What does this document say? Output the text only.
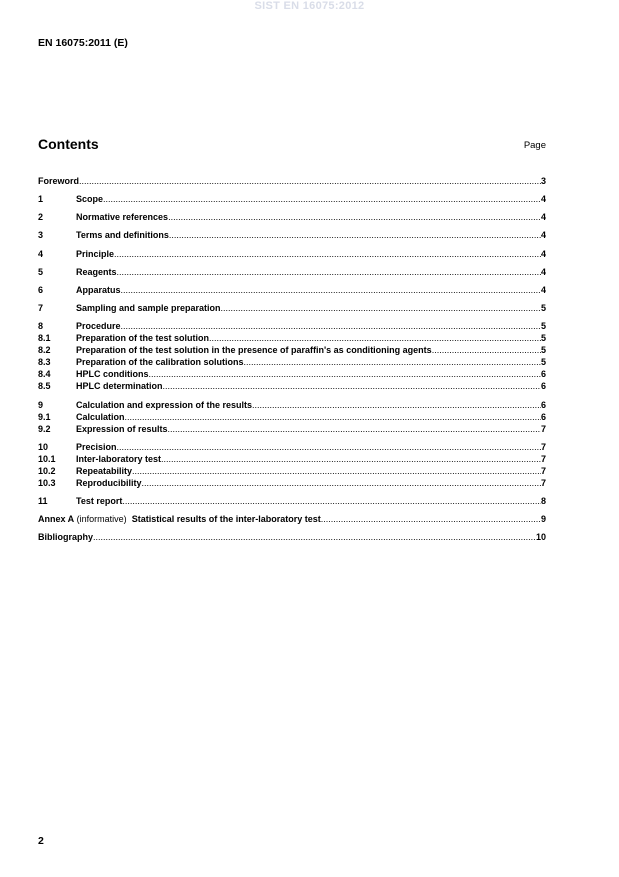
SIST EN 16075:2012
EN 16075:2011 (E)
Contents	Page
Foreword .....	3
1	Scope .....	4
2	Normative references .....	4
3	Terms and definitions .....	4
4	Principle .....	4
5	Reagents .....	4
6	Apparatus .....	4
7	Sampling and sample preparation .....	5
8	Procedure .....	5
8.1	Preparation of the test solution .....	5
8.2	Preparation of the test solution in the presence of paraffin's as conditioning agents .....	5
8.3	Preparation of the calibration solutions .....	5
8.4	HPLC conditions .....	6
8.5	HPLC determination .....	6
9	Calculation and expression of the results .....	6
9.1	Calculation .....	6
9.2	Expression of results .....	7
10	Precision .....	7
10.1	Inter-laboratory test .....	7
10.2	Repeatability .....	7
10.3	Reproducibility .....	7
11	Test report .....	8
Annex A (informative)  Statistical results of the inter-laboratory test .....	9
Bibliography .....	10
2
